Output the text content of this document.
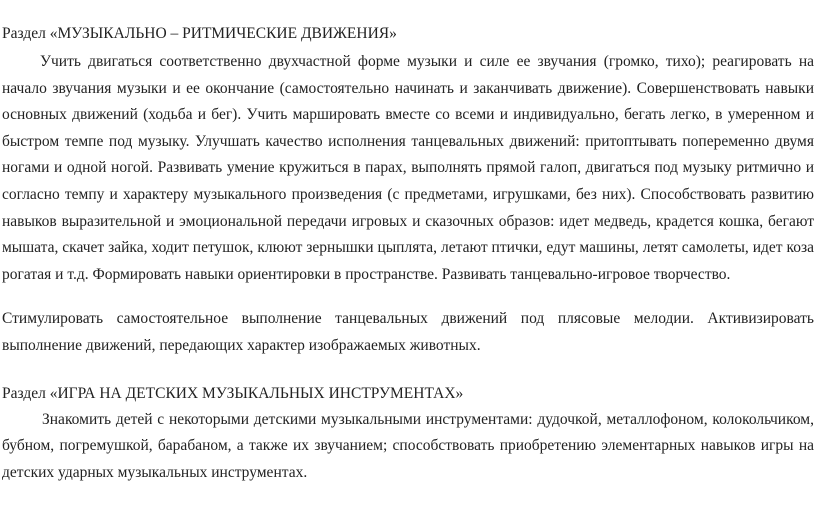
Раздел «МУЗЫКАЛЬНО – РИТМИЧЕСКИЕ ДВИЖЕНИЯ»

Учить двигаться соответственно двухчастной форме музыки и силе ее звучания (громко, тихо); реагировать на начало звучания музыки и ее окончание (самостоятельно начинать и заканчивать движение). Совершенствовать навыки основных движений (ходьба и бег). Учить маршировать вместе со всеми и индивидуально, бегать легко, в умеренном и быстром темпе под музыку. Улучшать качество исполнения танцевальных движений: притоптывать попеременно двумя ногами и одной ногой. Развивать умение кружиться в парах, выполнять прямой галоп, двигаться под музыку ритмично и согласно темпу и характеру музыкального произведения (с предметами, игрушками, без них). Способствовать развитию навыков выразительной и эмоциональной передачи игровых и сказочных образов: идет медведь, крадется кошка, бегают мышата, скачет зайка, ходит петушок, клюют зернышки цыплята, летают птички, едут машины, летят самолеты, идет коза рогатая и т.д. Формировать навыки ориентировки в пространстве. Развивать танцевально-игровое творчество.

Стимулировать самостоятельное выполнение танцевальных движений под плясовые мелодии. Активизировать выполнение движений, передающих характер изображаемых животных.

Раздел «ИГРА НА ДЕТСКИХ МУЗЫКАЛЬНЫХ ИНСТРУМЕНТАХ»

Знакомить детей с некоторыми детскими музыкальными инструментами: дудочкой, металлофоном, колокольчиком, бубном, погремушкой, барабаном, а также их звучанием; способствовать приобретению элементарных навыков игры на детских ударных музыкальных инструментах.
